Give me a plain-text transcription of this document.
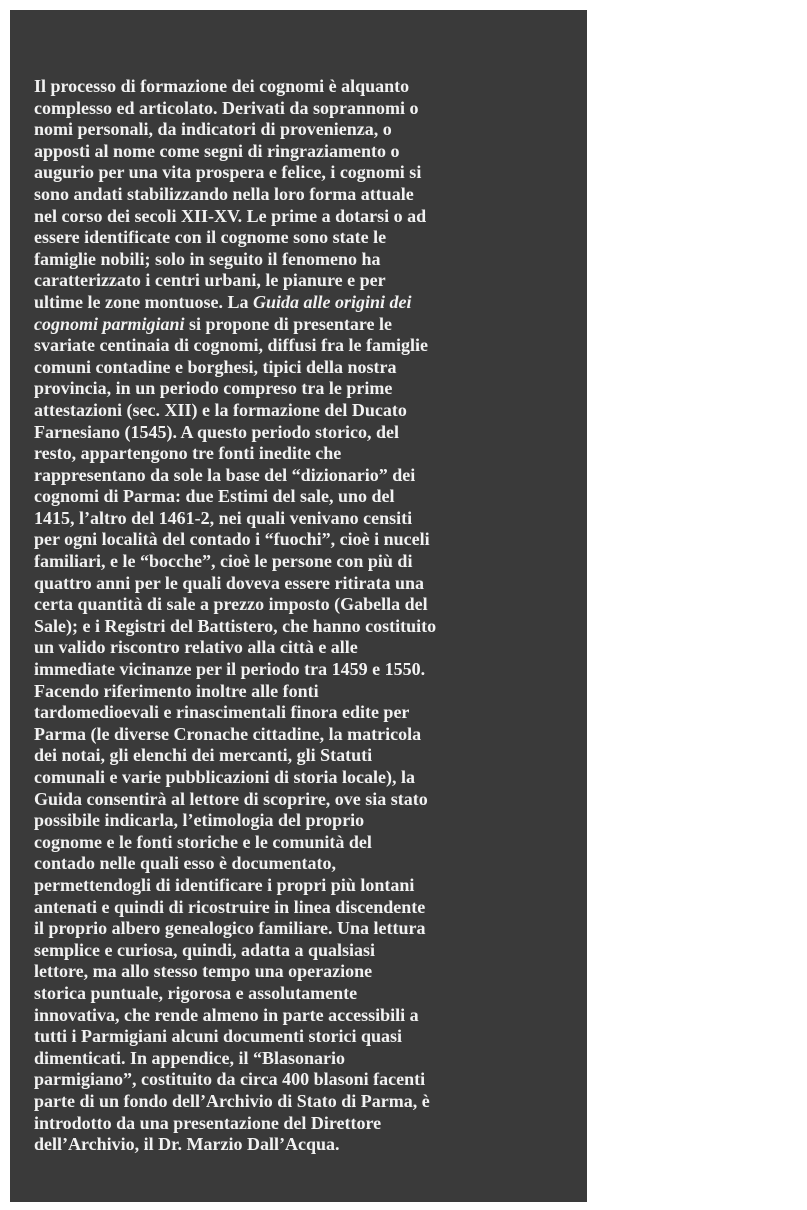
Il processo di formazione dei cognomi è alquanto
complesso ed articolato. Derivati da soprannomi o
nomi personali, da indicatori di provenienza, o
apposti al nome come segni di ringraziamento o
augurio per una vita prospera e felice, i cognomi si
sono andati stabilizzando nella loro forma attuale
nel corso dei secoli XII-XV. Le prime a dotarsi o ad
essere identificate con il cognome sono state le
famiglie nobili; solo in seguito il fenomeno ha
caratterizzato i centri urbani, le pianure e per
ultime le zone montuose. La Guida alle origini dei
cognomi parmigiani si propone di presentare le
svariate centinaia di cognomi, diffusi fra le famiglie
comuni contadine e borghesi, tipici della nostra
provincia, in un periodo compreso tra le prime
attestazioni (sec. XII) e la formazione del Ducato
Farnesiano (1545). A questo periodo storico, del
resto, appartengono tre fonti inedite che
rappresentano da sole la base del “dizionario” dei
cognomi di Parma: due Estimi del sale, uno del
1415, l’altro del 1461-2, nei quali venivano censiti
per ogni località del contado i “fuochi”, cioè i nuceli
familiari, e le “bocche”, cioè le persone con più di
quattro anni per le quali doveva essere ritirata una
certa quantità di sale a prezzo imposto (Gabella del
Sale); e i Registri del Battistero, che hanno costituito
un valido riscontro relativo alla città e alle
immediate vicinanze per il periodo tra 1459 e 1550.
Facendo riferimento inoltre alle fonti
tardomedioevali e rinascimentali finora edite per
Parma (le diverse Cronache cittadine, la matricola
dei notai, gli elenchi dei mercanti, gli Statuti
comunali e varie pubblicazioni di storia locale), la
Guida consentirà al lettore di scoprire, ove sia stato
possibile indicarla, l’etimologia del proprio
cognome e le fonti storiche e le comunità del
contado nelle quali esso è documentato,
permettendogli di identificare i propri più lontani
antenati e quindi di ricostruire in linea discendente
il proprio albero genealogico familiare. Una lettura
semplice e curiosa, quindi, adatta a qualsiasi
lettore, ma allo stesso tempo una operazione
storica puntuale, rigorosa e assolutamente
innovativa, che rende almeno in parte accessibili a
tutti i Parmigiani alcuni documenti storici quasi
dimenticati. In appendice, il “Blasonario
parmigiano”, costituito da circa 400 blasoni facenti
parte di un fondo dell’Archivio di Stato di Parma, è
introdotto da una presentazione del Direttore
dell’Archivio, il Dr. Marzio Dall’Acqua.
